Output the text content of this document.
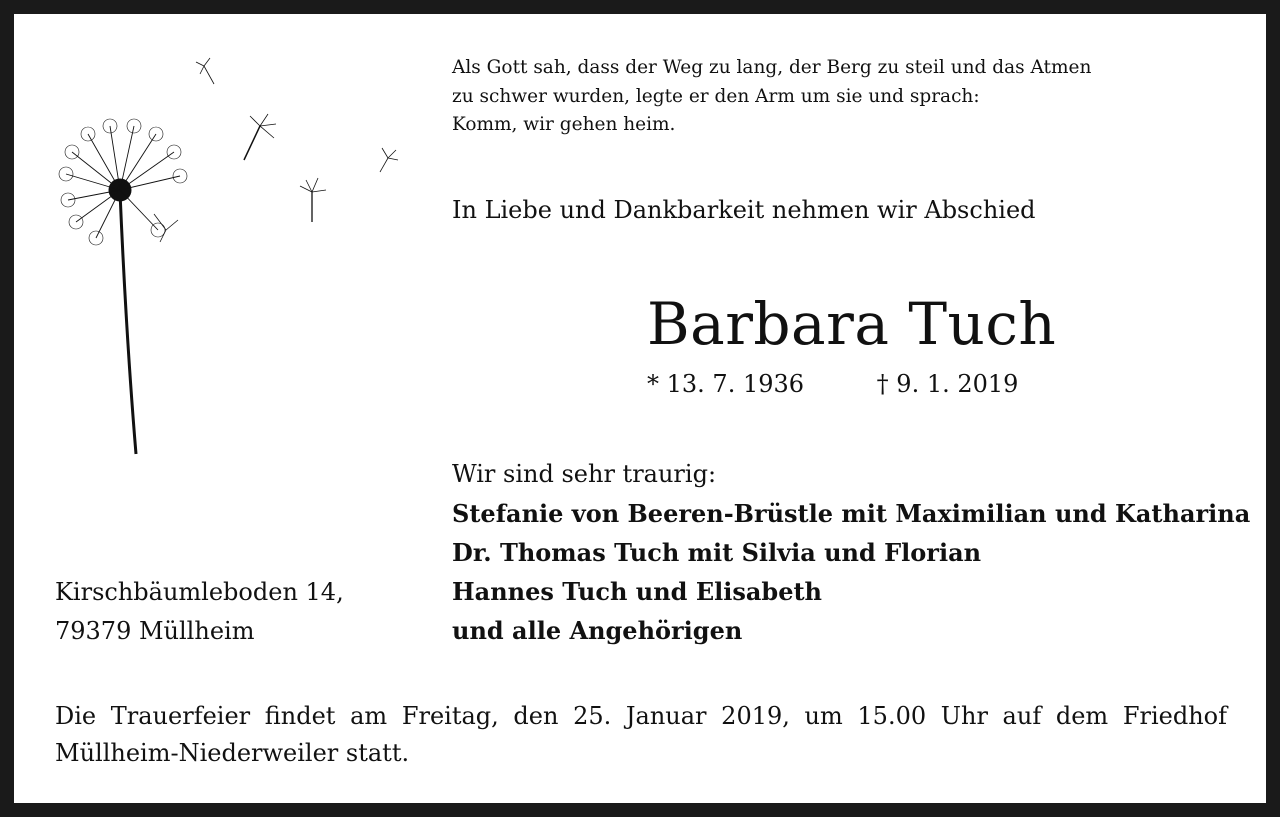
Als Gott sah, dass der Weg zu lang, der Berg zu steil und das Atmen
zu schwer wurden, legte er den Arm um sie und sprach:
Komm, wir gehen heim.
In Liebe und Dankbarkeit nehmen wir Abschied
Barbara Tuch
* 13. 7. 1936	† 9. 1. 2019
Wir sind sehr traurig:
Stefanie von Beeren-Brüstle mit Maximilian und Katharina
Dr. Thomas Tuch mit Silvia und Florian
Hannes Tuch und Elisabeth
und alle Angehörigen
Kirschbäumleboden 14,
79379 Müllheim
Die Trauerfeier findet am Freitag, den 25. Januar 2019, um 15.00 Uhr auf dem Friedhof Müllheim-Niederweiler statt.
